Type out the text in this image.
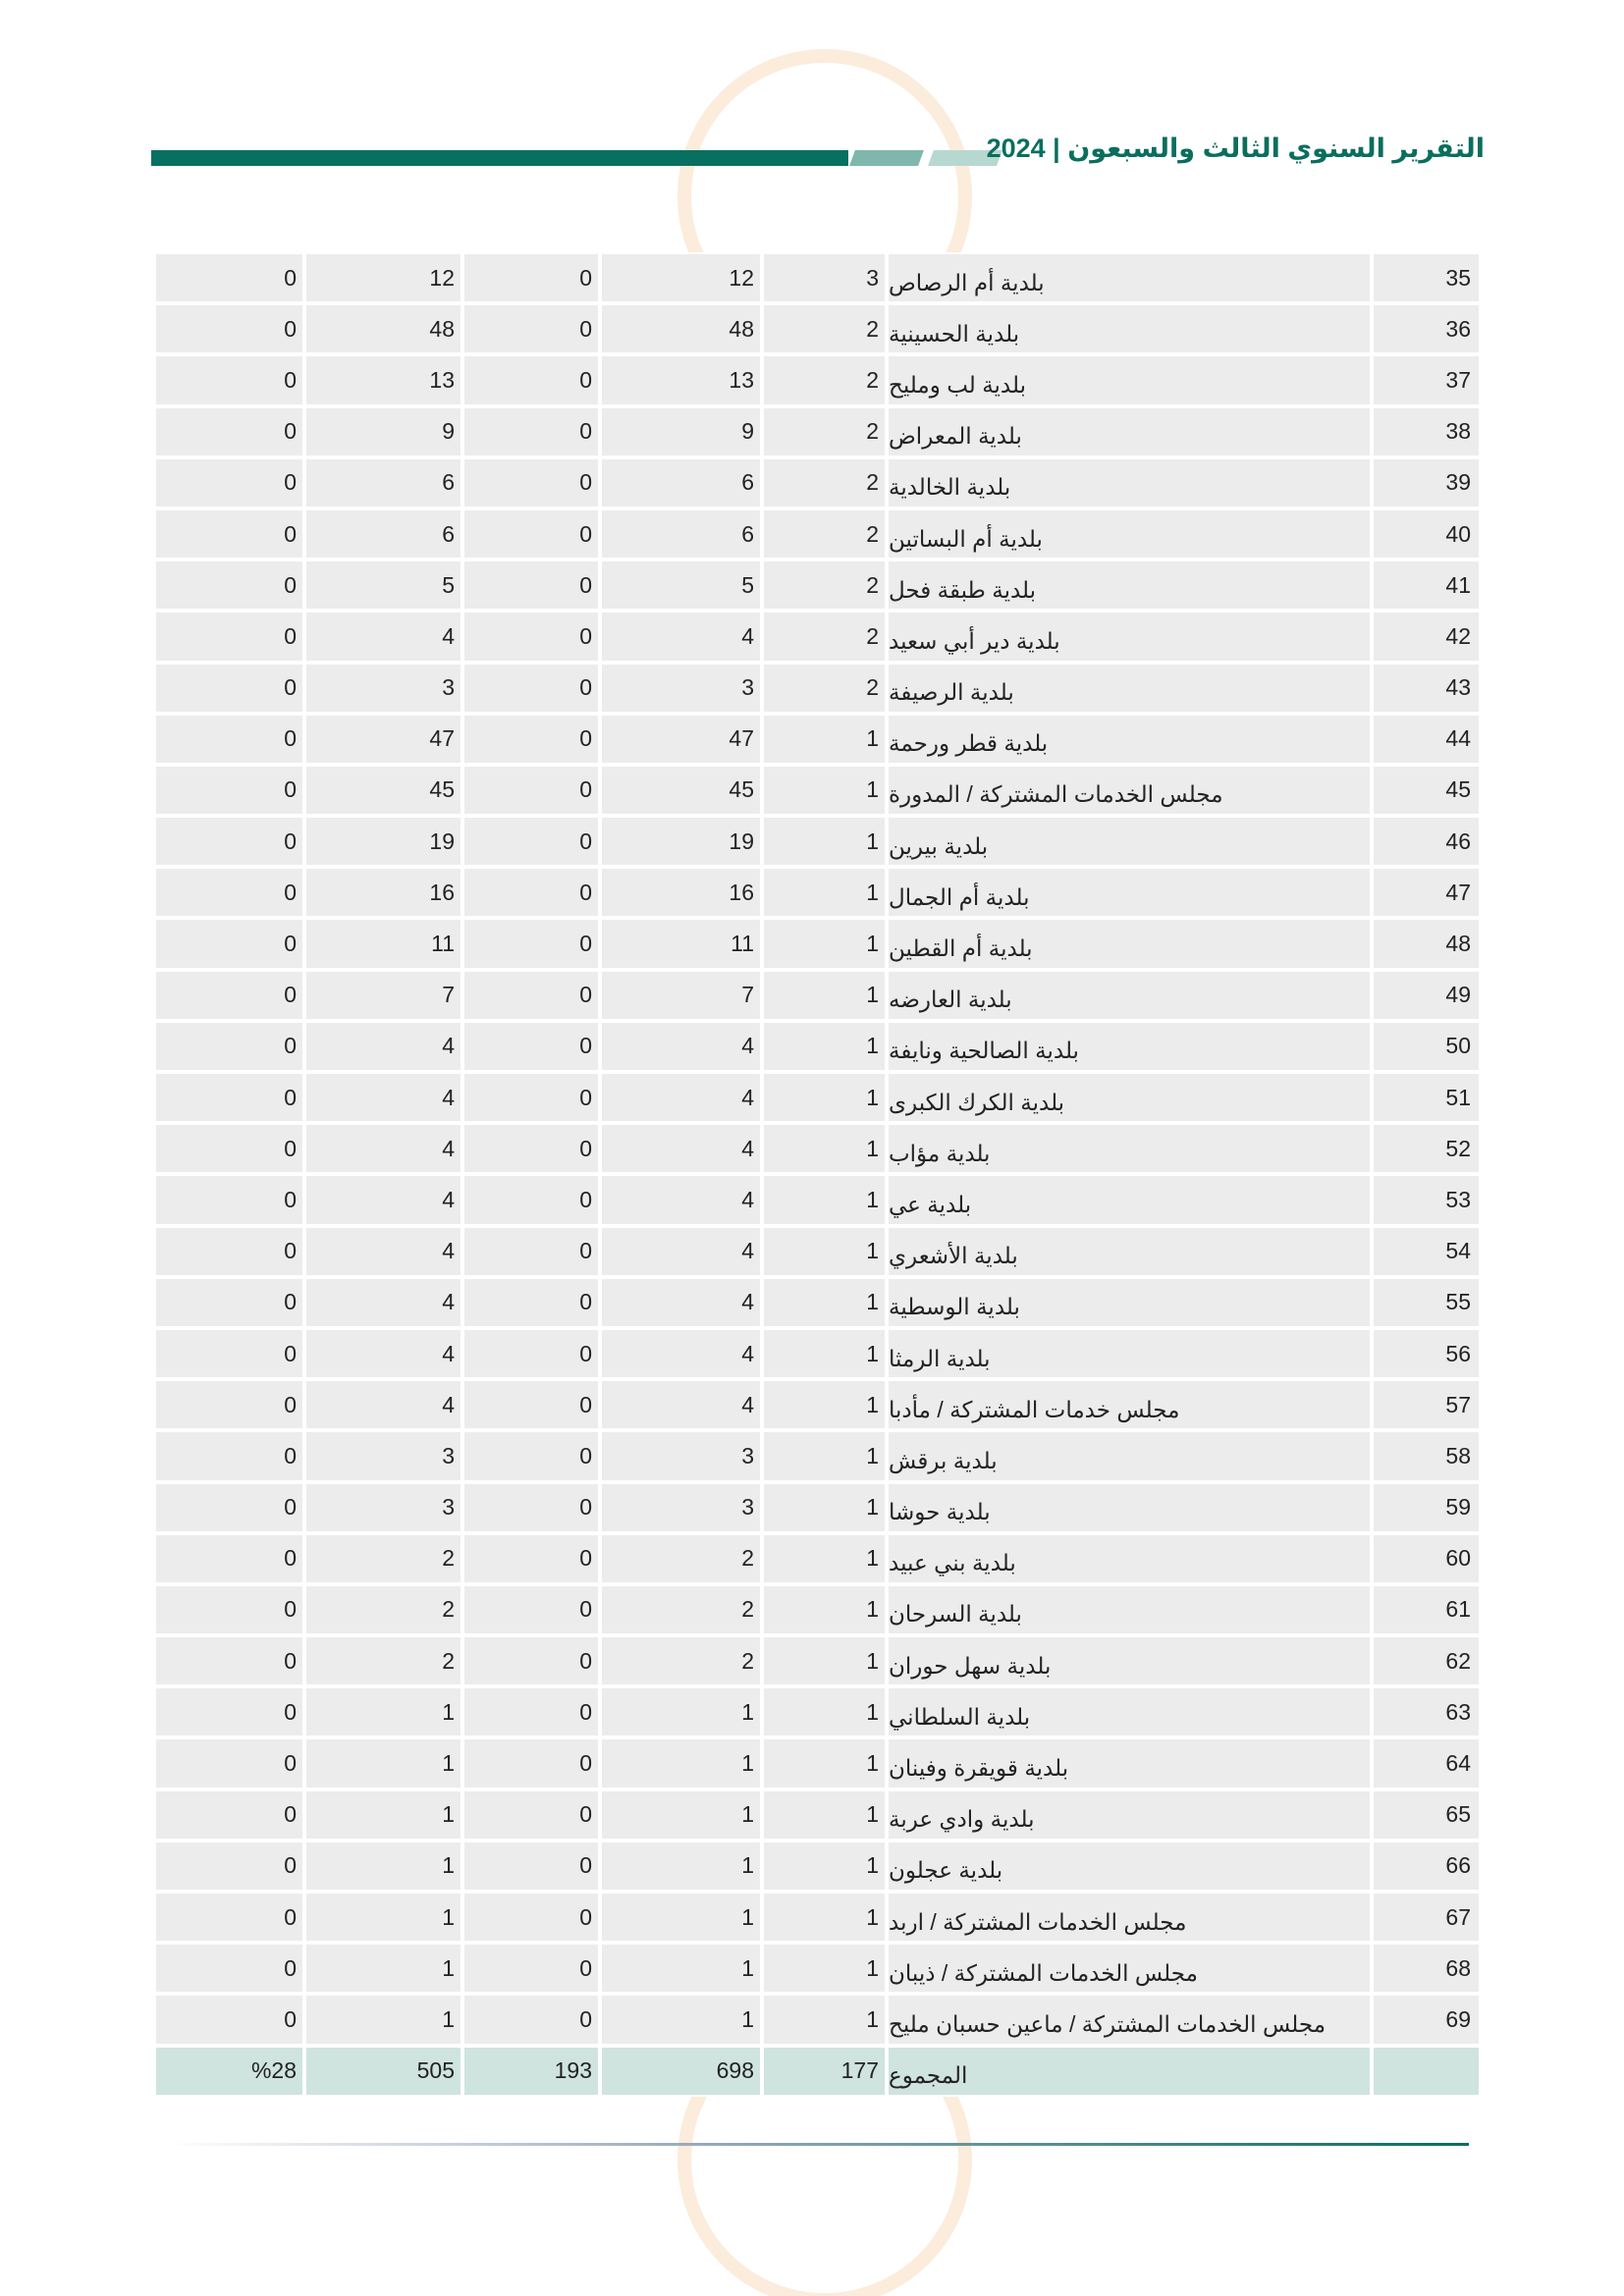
التقرير السنوي الثالث والسبعون | 2024
0	12	0	12	3 بلدية أم الرصاص	35
0	48	0	48	2 بلدية الحسينية	36
0	13	0	13	2 بلدية لب ومليح	37
0	9	0	9	2 بلدية المعراض	38
0	6	0	6	2 بلدية الخالدية	39
0	6	0	6	2 بلدية أم البساتين	40
0	5	0	5	2 بلدية طبقة فحل	41
0	4	0	4	2 بلدية دير أبي سعيد	42
0	3	0	3	2 بلدية الرصيفة	43
0	47	0	47	1 بلدية قطر ورحمة	44
0	45	0	45	1 مجلس الخدمات المشتركة / المدورة	45
0	19	0	19	1 بلدية بيرين	46
0	16	0	16	1 بلدية أم الجمال	47
0	11	0	11	1 بلدية أم القطين	48
0	7	0	7	1 بلدية العارضه	49
0	4	0	4	1 بلدية الصالحية ونايفة	50
0	4	0	4	1 بلدية الكرك الكبرى	51
0	4	0	4	1 بلدية مؤاب	52
0	4	0	4	1 بلدية عي	53
0	4	0	4	1 بلدية الأشعري	54
0	4	0	4	1 بلدية الوسطية	55
0	4	0	4	1 بلدية الرمثا	56
0	4	0	4	1 مجلس خدمات المشتركة / مأدبا	57
0	3	0	3	1 بلدية برقش	58
0	3	0	3	1 بلدية حوشا	59
0	2	0	2	1 بلدية بني عبيد	60
0	2	0	2	1 بلدية السرحان	61
0	2	0	2	1 بلدية سهل حوران	62
0	1	0	1	1 بلدية السلطاني	63
0	1	0	1	1 بلدية قويقرة وفينان	64
0	1	0	1	1 بلدية وادي عربة	65
0	1	0	1	1 بلدية عجلون	66
0	1	0	1	1 مجلس الخدمات المشتركة / اربد	67
0	1	0	1	1 مجلس الخدمات المشتركة / ذيبان	68
0	1	0	1	1 مجلس الخدمات المشتركة / ماعين حسبان مليح	69
%28	505	193	698	177 المجموع
